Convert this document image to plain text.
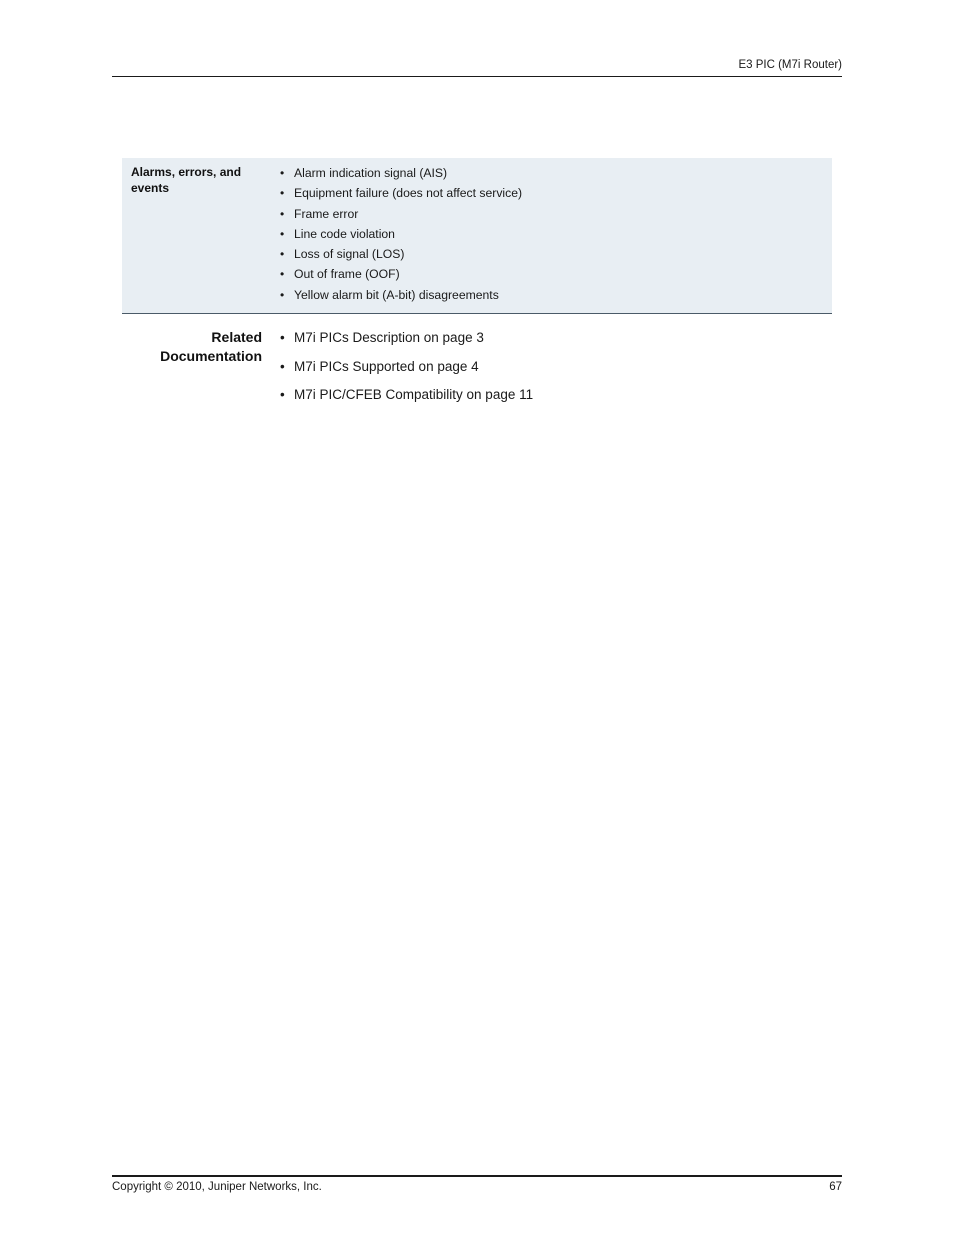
E3 PIC (M7i Router)
Alarms, errors, and events
• Alarm indication signal (AIS)
• Equipment failure (does not affect service)
• Frame error
• Line code violation
• Loss of signal (LOS)
• Out of frame (OOF)
• Yellow alarm bit (A-bit) disagreements
Related
Documentation
• M7i PICs Description on page 3
• M7i PICs Supported on page 4
• M7i PIC/CFEB Compatibility on page 11
Copyright © 2010, Juniper Networks, Inc.	67
